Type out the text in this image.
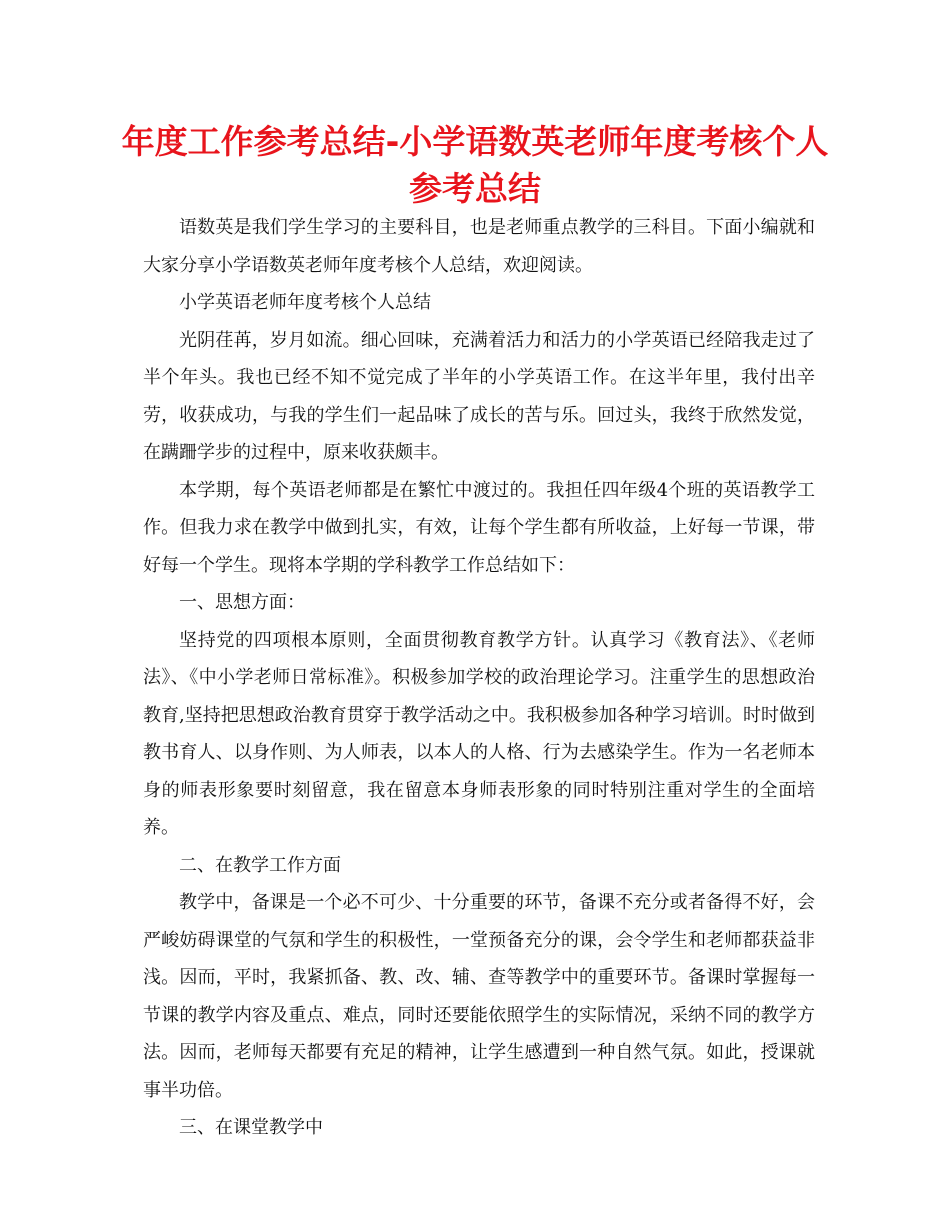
年度工作参考总结-小学语数英老师年度考核个人
参考总结

语数英是我们学生学习的主要科目，也是老师重点教学的三科目。下面小编就和大家分享小学语数英老师年度考核个人总结，欢迎阅读。

小学英语老师年度考核个人总结

光阴荏苒，岁月如流。细心回味，充满着活力和活力的小学英语已经陪我走过了半个年头。我也已经不知不觉完成了半年的小学英语工作。在这半年里，我付出辛劳，收获成功，与我的学生们一起品味了成长的苦与乐。回过头，我终于欣然发觉，在蹒跚学步的过程中，原来收获颇丰。

本学期，每个英语老师都是在繁忙中渡过的。我担任四年级4个班的英语教学工作。但我力求在教学中做到扎实，有效，让每个学生都有所收益，上好每一节课，带好每一个学生。现将本学期的学科教学工作总结如下：

一、思想方面：

坚持党的四项根本原则，全面贯彻教育教学方针。认真学习《教育法》、《老师法》、《中小学老师日常标准》。积极参加学校的政治理论学习。注重学生的思想政治教育,坚持把思想政治教育贯穿于教学活动之中。我积极参加各种学习培训。时时做到教书育人、以身作则、为人师表，以本人的人格、行为去感染学生。作为一名老师本身的师表形象要时刻留意，我在留意本身师表形象的同时特别注重对学生的全面培养。

二、在教学工作方面

教学中，备课是一个必不可少、十分重要的环节，备课不充分或者备得不好，会严峻妨碍课堂的气氛和学生的积极性，一堂预备充分的课，会令学生和老师都获益非浅。因而，平时，我紧抓备、教、改、辅、查等教学中的重要环节。备课时掌握每一节课的教学内容及重点、难点，同时还要能依照学生的实际情况，采纳不同的教学方法。因而，老师每天都要有充足的精神，让学生感遭到一种自然气氛。如此，授课就事半功倍。

三、在课堂教学中
